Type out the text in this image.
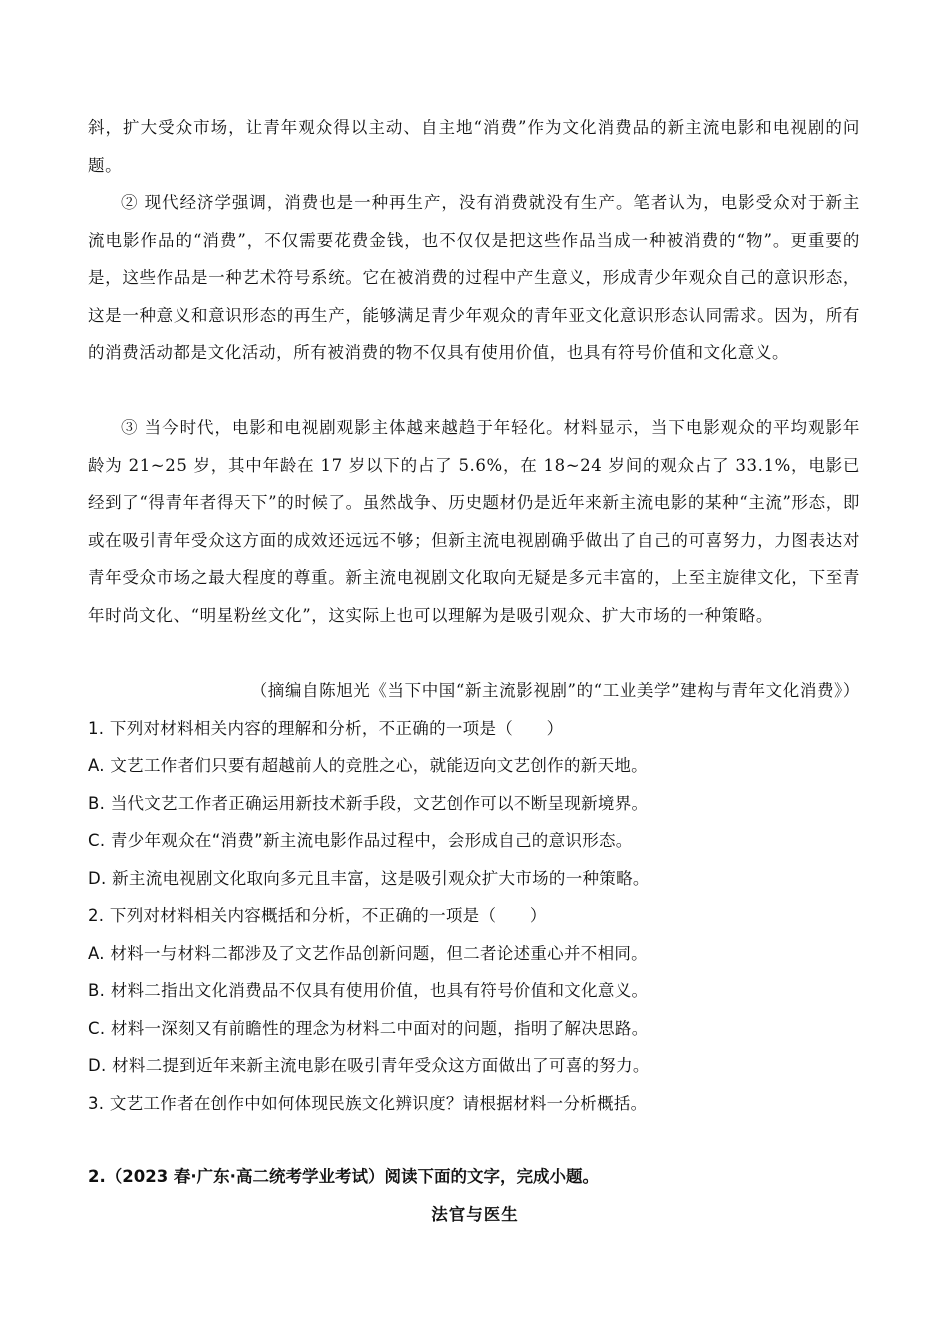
斜，扩大受众市场，让青年观众得以主动、自主地“消费”作为文化消费品的新主流电影和电视剧的问题。

② 现代经济学强调，消费也是一种再生产，没有消费就没有生产。笔者认为，电影受众对于新主流电影作品的“消费”，不仅需要花费金钱，也不仅仅是把这些作品当成一种被消费的“物”。更重要的是，这些作品是一种艺术符号系统。它在被消费的过程中产生意义，形成青少年观众自己的意识形态，这是一种意义和意识形态的再生产，能够满足青少年观众的青年亚文化意识形态认同需求。因为，所有的消费活动都是文化活动，所有被消费的物不仅具有使用价值，也具有符号价值和文化意义。

③ 当今时代，电影和电视剧观影主体越来越趋于年轻化。材料显示，当下电影观众的平均观影年龄为 21~25 岁，其中年龄在 17 岁以下的占了 5.6%，在 18~24 岁间的观众占了 33.1%，电影已经到了“得青年者得天下”的时候了。虽然战争、历史题材仍是近年来新主流电影的某种“主流”形态，即或在吸引青年受众这方面的成效还远远不够；但新主流电视剧确乎做出了自己的可喜努力，力图表达对青年受众市场之最大程度的尊重。新主流电视剧文化取向无疑是多元丰富的，上至主旋律文化，下至青年时尚文化、“明星粉丝文化”，这实际上也可以理解为是吸引观众、扩大市场的一种策略。

（摘编自陈旭光《当下中国“新主流影视剧”的“工业美学”建构与青年文化消费》）

1. 下列对材料相关内容的理解和分析，不正确的一项是（　　）

A. 文艺工作者们只要有超越前人的竞胜之心，就能迈向文艺创作的新天地。

B. 当代文艺工作者正确运用新技术新手段，文艺创作可以不断呈现新境界。

C. 青少年观众在“消费”新主流电影作品过程中，会形成自己的意识形态。

D. 新主流电视剧文化取向多元且丰富，这是吸引观众扩大市场的一种策略。

2. 下列对材料相关内容概括和分析，不正确的一项是（　　）

A. 材料一与材料二都涉及了文艺作品创新问题，但二者论述重心并不相同。

B. 材料二指出文化消费品不仅具有使用价值，也具有符号价值和文化意义。

C. 材料一深刻又有前瞻性的理念为材料二中面对的问题，指明了解决思路。

D. 材料二提到近年来新主流电影在吸引青年受众这方面做出了可喜的努力。

3. 文艺工作者在创作中如何体现民族文化辨识度？请根据材料一分析概括。

2.（2023 春·广东·高二统考学业考试）阅读下面的文字，完成小题。

法官与医生
